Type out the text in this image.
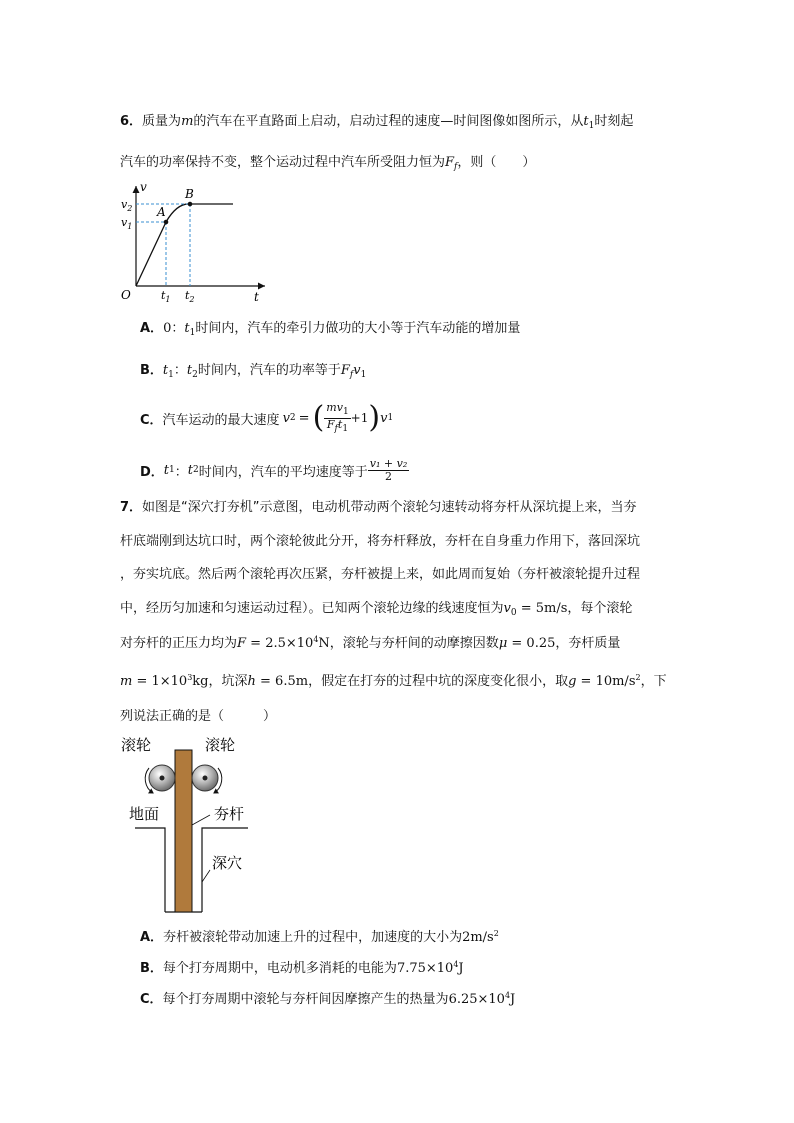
6．质量为m的汽车在平直路面上启动，启动过程的速度—时间图像如图所示，从$t_1$时刻起
汽车的功率保持不变，整个运动过程中汽车所受阻力恒为$F_f$，则（　　）
v
t
O
A
B
$v_2$
$v_1$
$t_1$ $t_2$
A．0：$t_1$时间内，汽车的牵引力做功的大小等于汽车动能的增加量
B．$t_1$：$t_2$时间内，汽车的功率等于$F_fv_1$
C． 汽车运动的最大速度 v 2 = ( $\frac{mv_1}{F_ft_1} +1$ ) v 1
D． t 1 ： t 2 时间内，汽车的平均速度等于 $\frac{\text{v₁ + v₂}}{2}$
7．如图是“深穴打夯机”示意图，电动机带动两个滚轮匀速转动将夯杆从深坑提上来，当夯
杆底端刚到达坑口时，两个滚轮彼此分开，将夯杆释放，夯杆在自身重力作用下，落回深坑
，夯实坑底。然后两个滚轮再次压紧，夯杆被提上来，如此周而复始（夯杆被滚轮提升过程
中，经历匀加速和匀速运动过程）。已知两个滚轮边缘的线速度恒为$v_0 = 5m/s$，每个滚轮
对夯杆的正压力均为$F = 2.5\times 10^4N$，滚轮与夯杆间的动摩擦因数μ = 0.25，夯杆质量
$m = 1\times 10^3kg$，坑深h = 6.5m，假定在打夯的过程中坑的深度变化很小，取$g = 10m/s^2$，下
列说法正确的是（　　　）
滚轮	滚轮
地面	夯杆
深穴
A．夯杆被滚轮带动加速上升的过程中，加速度的大小为$2m/s^2$
B．每个打夯周期中，电动机多消耗的电能为$7.75\times 10^4J$
C．每个打夯周期中滚轮与夯杆间因摩擦产生的热量为$6.25\times 10^4J$
